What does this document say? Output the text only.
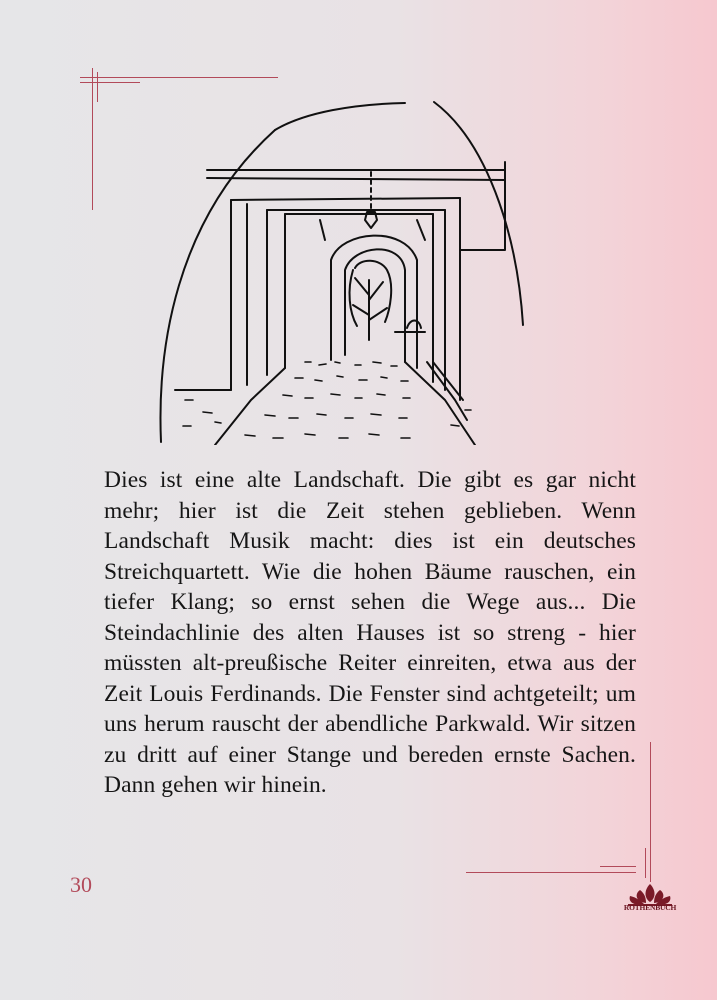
Dies ist eine alte Landschaft. Die gibt es gar nicht mehr; hier ist die Zeit stehen geblieben. Wenn Landschaft Musik macht: dies ist ein deutsches Streichquartett. Wie die hohen Bäume rauschen, ein tiefer Klang; so ernst sehen die Wege aus... Die Steindachlinie des alten Hauses ist so streng - hier müssten alt-preußische Reiter einreiten, etwa aus der Zeit Louis Ferdinands. Die Fenster sind achtgeteilt; um uns herum rauscht der abendliche Parkwald. Wir sitzen zu dritt auf einer Stange und bereden ernste Sachen. Dann gehen wir hinein.

30
ROTHENBUCH
